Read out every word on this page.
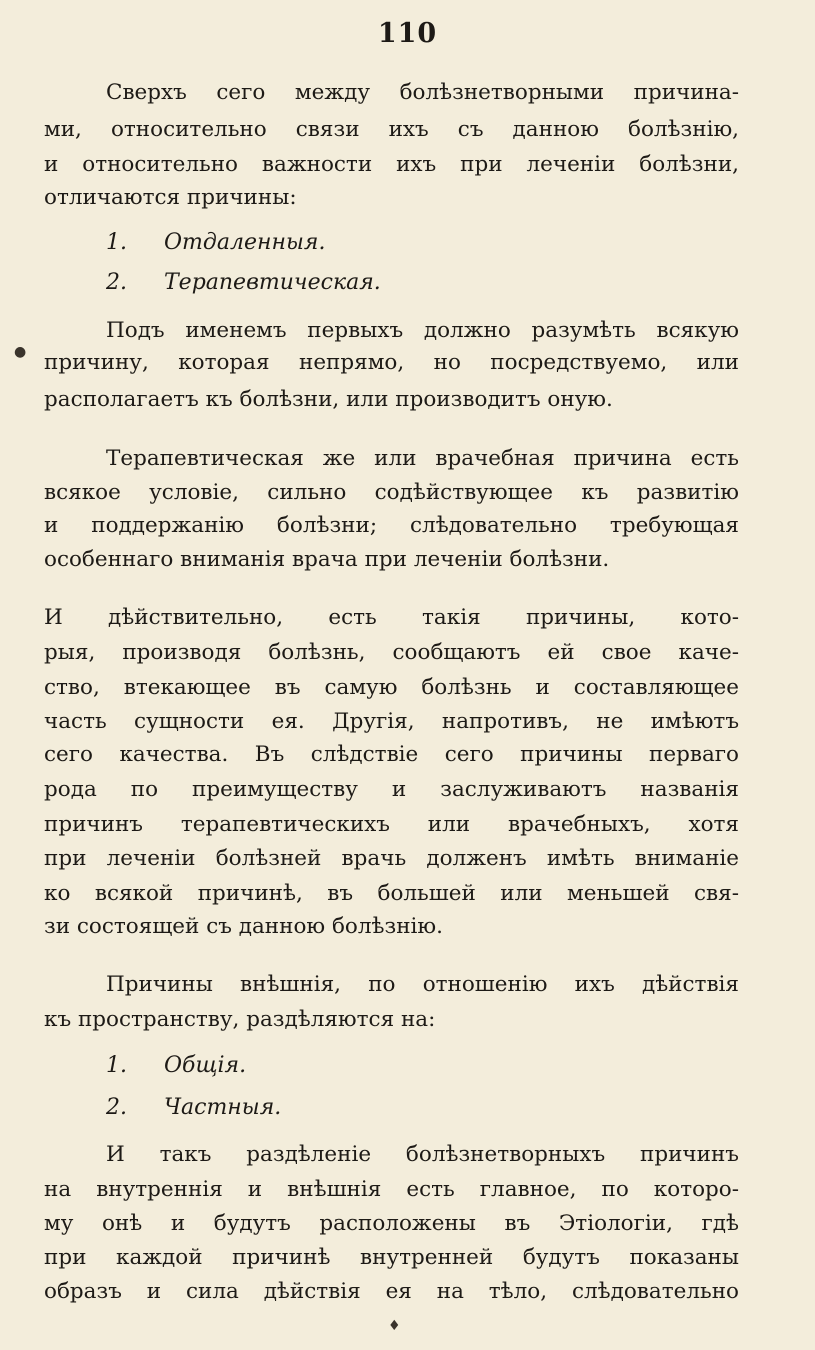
110
Сверхъ сего между болѣзнетворными причина-
ми, относительно связи ихъ съ данною болѣзнію,
и относительно важности ихъ при леченіи болѣзни,
отличаются причины:
1. Отдаленныя.
2. Терапевтическая.
Подъ именемъ первыхъ должно разумѣть всякую
причину, которая непрямо, но посредствуемо, или
располагаетъ къ болѣзни, или производитъ оную.
Терапевтическая же или врачебная причина есть
всякое условіе, сильно содѣйствующее къ развитію
и поддержанію болѣзни; слѣдовательно требующая
особеннаго вниманія врача при леченіи болѣзни.
И дѣйствительно, есть такія причины, кото-
рыя, производя болѣзнь, сообщаютъ ей свое каче-
ство, втекающее въ самую болѣзнь и составляющее
часть сущности ея. Другія, напротивъ, не имѣютъ
сего качества. Въ слѣдствіе сего причины перваго
рода по преимуществу и заслуживаютъ названія
причинъ терапевтическихъ или врачебныхъ, хотя
при леченіи болѣзней врачь долженъ имѣть вниманіе
ко всякой причинѣ, въ большей или меньшей свя-
зи состоящей съ данною болѣзнію.
Причины внѣшнія, по отношенію ихъ дѣйствія
къ пространству, раздѣляются на:
1. Общія.
2. Частныя.
И такъ раздѣленіе болѣзнетворныхъ причинъ
на внутреннія и внѣшнія есть главное, по которо-
му онѣ и будутъ расположены въ Этіологіи, гдѣ
при каждой причинѣ внутренней будутъ показаны
образъ и сила дѣйствія ея на тѣло, слѣдовательно
●
♦
